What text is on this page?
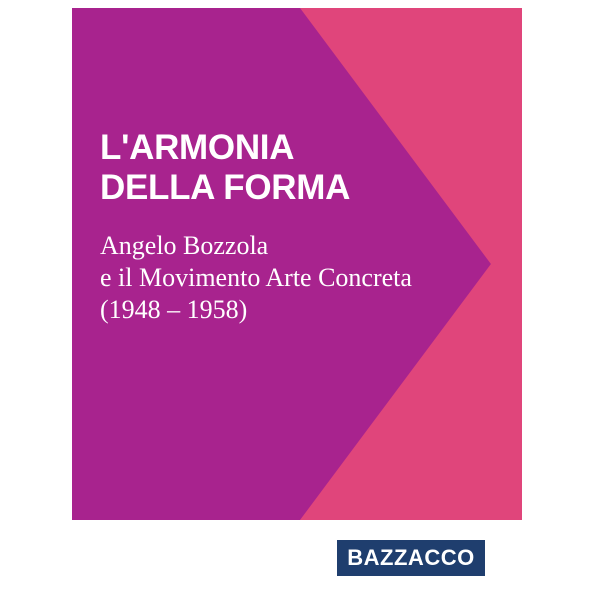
L'ARMONIA
DELLA FORMA

Angelo Bozzola

e il Movimento Arte Concreta

(1948 – 1958)

BAZZACCO
